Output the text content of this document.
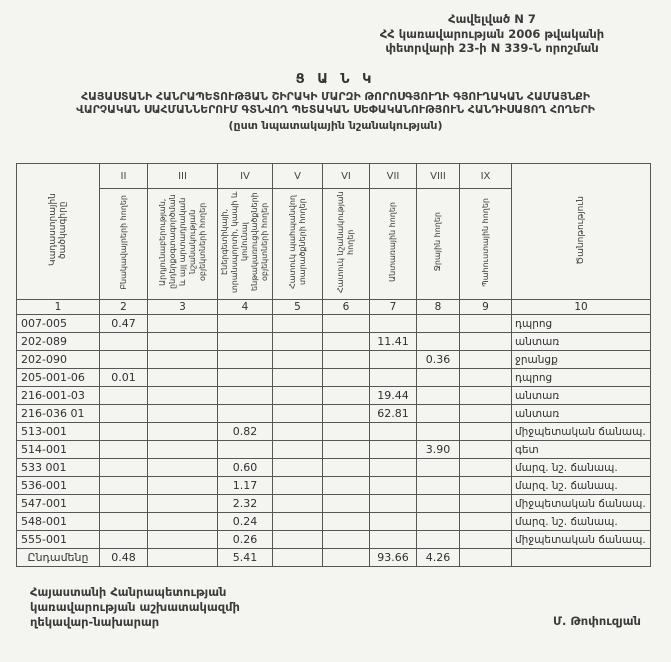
Հավելված N 7
ՀՀ կառավարության 2006 թվականի
փետրվարի 23-ի N 339-Ն որոշման
Ց Ա Ն Կ
ՀԱՅԱՍՏԱՆԻ ՀԱՆՐԱՊԵՏՈՒԹՅԱՆ ՇԻՐԱԿԻ ՄԱՐԶԻ ԹՈՐՈՍԳՅՈՒՂԻ ԳՅՈՒՂԱԿԱՆ ՀԱՄԱՅՆՔԻ
ՎԱՐՉԱԿԱՆ ՍԱՀՄԱՆՆԵՐՈՒՄ ԳՏՆՎՈՂ ՊԵՏԱԿԱՆ ՍԵՓԱԿԱՆՈՒԹՅՈՒՆ ՀԱՆԴԻՍԱՑՈՂ ՀՈՂԵՐԻ
(ըստ նպատակային նշանակության)
Կադաստրային ծածկագիրը	II	III	IV	V	VI	VII	VIII	IX	Ծանոթություն
	Բնակավայրերի հողեր	Արդյունաբերության, ընդերքօգտագործման և այլ արտադրական նշանակության օբյեկտների հողեր	Էներգետիկայի, տրանսպորտի, կապի և կոմունալ ենթակառուցվածքների օբյեկտների հողեր	Հատուկ պահպանվող տարածքների հողեր	Հատուկ նշանակության հողեր	Անտառային հողեր	Ջրային հողեր	Պահուստային հողեր	
1	2	3	4	5	6	7	8	9	10
007-005	0.47								դպրոց
202-089						11.41			անտառ
202-090							0.36		ջրանցք
205-001-06	0.01								դպրոց
216-001-03						19.44			անտառ
216-036 01						62.81			անտառ
513-001			0.82						միջպետական ճանապ.
514-001							3.90		գետ
533 001			0.60						մարզ. նշ. ճանապ.
536-001			1.17						մարզ. նշ. ճանապ.
547-001			2.32						միջպետական ճանապ.
548-001			0.24						մարզ. նշ. ճանապ.
555-001			0.26						միջպետական ճանապ.
Ընդամենը	0.48		5.41			93.66	4.26		
Հայաստանի Հանրապետության
կառավարության աշխատակազմի
ղեկավար-նախարար	Մ. Թոփուզյան
